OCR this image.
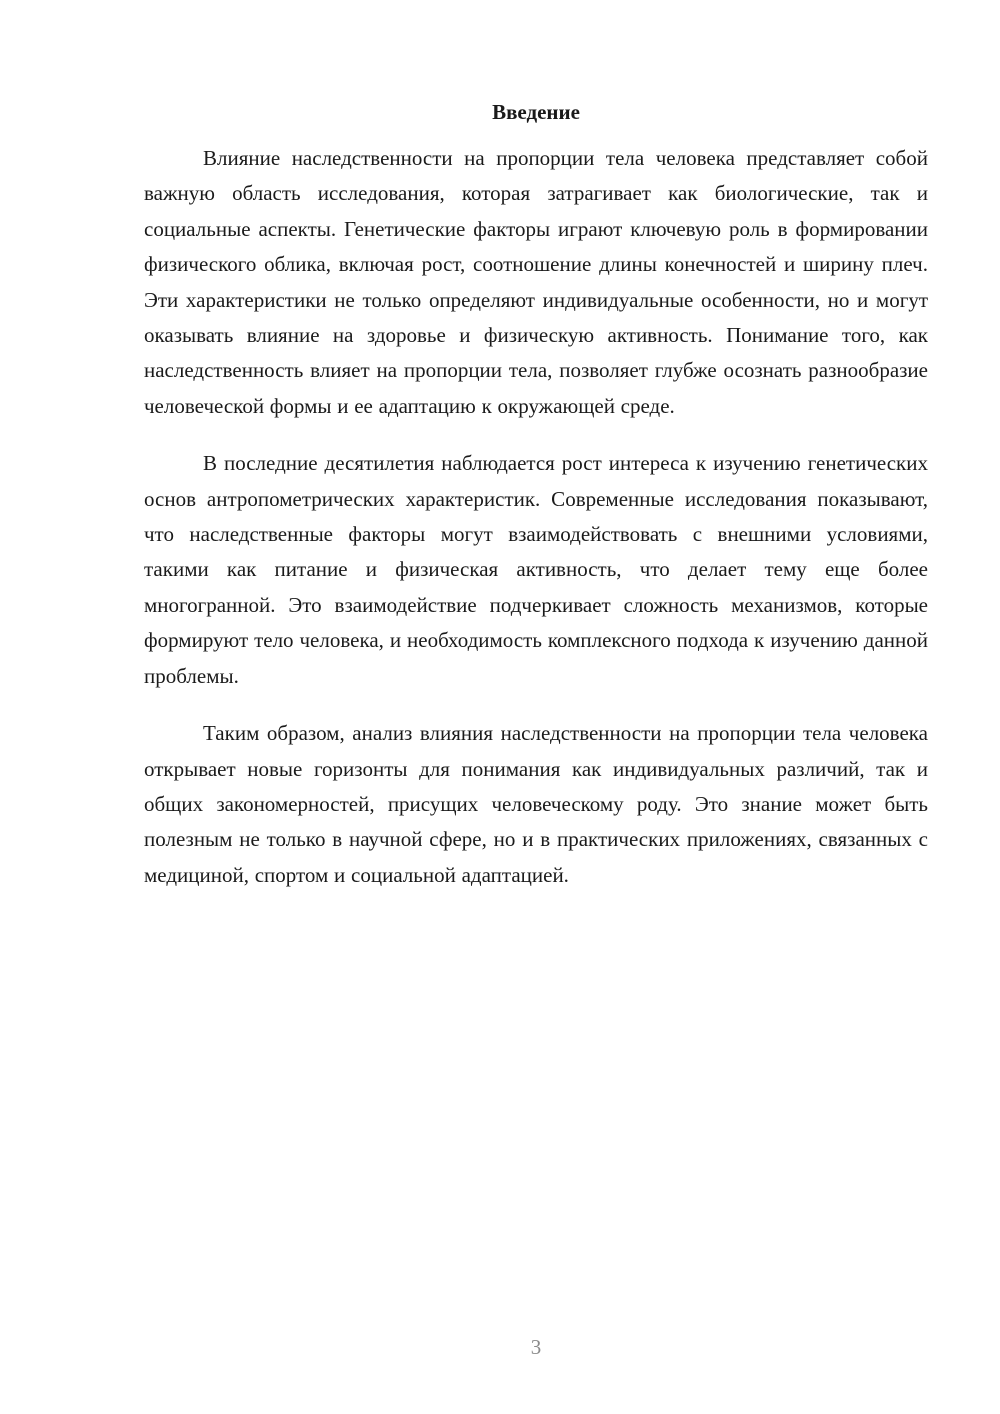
Введение

Влияние наследственности на пропорции тела человека представляет собой важную область исследования, которая затрагивает как биологические, так и социальные аспекты. Генетические факторы играют ключевую роль в формировании физического облика, включая рост, соотношение длины конечностей и ширину плеч. Эти характеристики не только определяют индивидуальные особенности, но и могут оказывать влияние на здоровье и физическую активность. Понимание того, как наследственность влияет на пропорции тела, позволяет глубже осознать разнообразие человеческой формы и ее адаптацию к окружающей среде.

В последние десятилетия наблюдается рост интереса к изучению генетических основ антропометрических характеристик. Современные исследования показывают, что наследственные факторы могут взаимодействовать с внешними условиями, такими как питание и физическая активность, что делает тему еще более многогранной. Это взаимодействие подчеркивает сложность механизмов, которые формируют тело человека, и необходимость комплексного подхода к изучению данной проблемы.

Таким образом, анализ влияния наследственности на пропорции тела человека открывает новые горизонты для понимания как индивидуальных различий, так и общих закономерностей, присущих человеческому роду. Это знание может быть полезным не только в научной сфере, но и в практических приложениях, связанных с медициной, спортом и социальной адаптацией.

3
